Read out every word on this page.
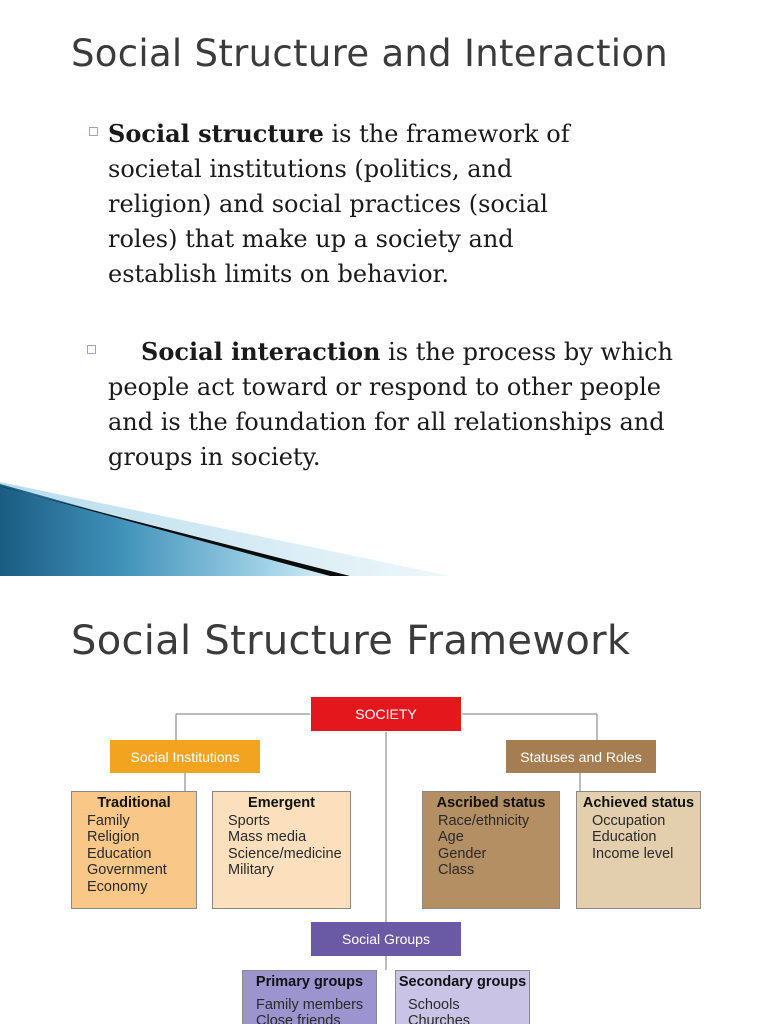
Social Structure and Interaction

Social structure is the framework of societal institutions (politics, and religion) and social practices (social roles) that make up a society and establish limits on behavior.

Social interaction is the process by which people act toward or respond to other people and is the foundation for all relationships and groups in society.

Social Structure Framework
SOCIETY
Social Institutions	Statuses and Roles
Traditional
Family
Religion
Education
Government
Economy
Emergent
Sports
Mass media
Science/medicine
Military
Ascribed status
Race/ethnicity
Age
Gender
Class
Achieved status
Occupation
Education
Income level
Social Groups
Primary groups
Family members
Close friends
Secondary groups
Schools
Churches
